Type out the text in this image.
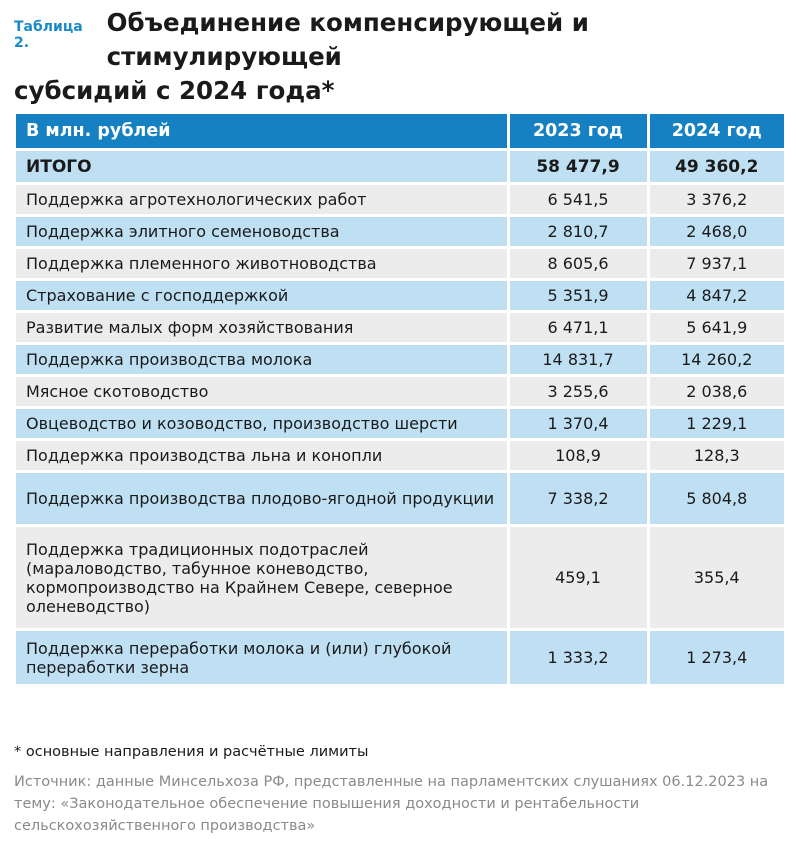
Таблица 2.
Объединение компенсирующей и стимулирующей
субсидий с 2024 года*
В млн. рублей	2023 год	2024 год
ИТОГО	58 477,9	49 360,2
Поддержка агротехнологических работ	6 541,5	3 376,2
Поддержка элитного семеноводства	2 810,7	2 468,0
Поддержка племенного животноводства	8 605,6	7 937,1
Страхование с господдержкой	5 351,9	4 847,2
Развитие малых форм хозяйствования	6 471,1	5 641,9
Поддержка производства молока	14 831,7	14 260,2
Мясное скотоводство	3 255,6	2 038,6
Овцеводство и козоводство, производство шерсти	1 370,4	1 229,1
Поддержка производства льна и конопли	108,9	128,3
Поддержка производства плодово-ягодной продукции	7 338,2	5 804,8
Поддержка традиционных подотраслей (мараловодство, табунное коневодство, кормопроизводство на Крайнем Севере, северное оленеводство)	459,1	355,4
Поддержка переработки молока и (или) глубокой переработки зерна	1 333,2	1 273,4
* основные направления и расчётные лимиты
Источник: данные Минсельхоза РФ, представленные на парламентских слушаниях 06.12.2023 на тему: «Законодательное обеспечение повышения доходности и рентабельности сельскохозяйственного производства»
